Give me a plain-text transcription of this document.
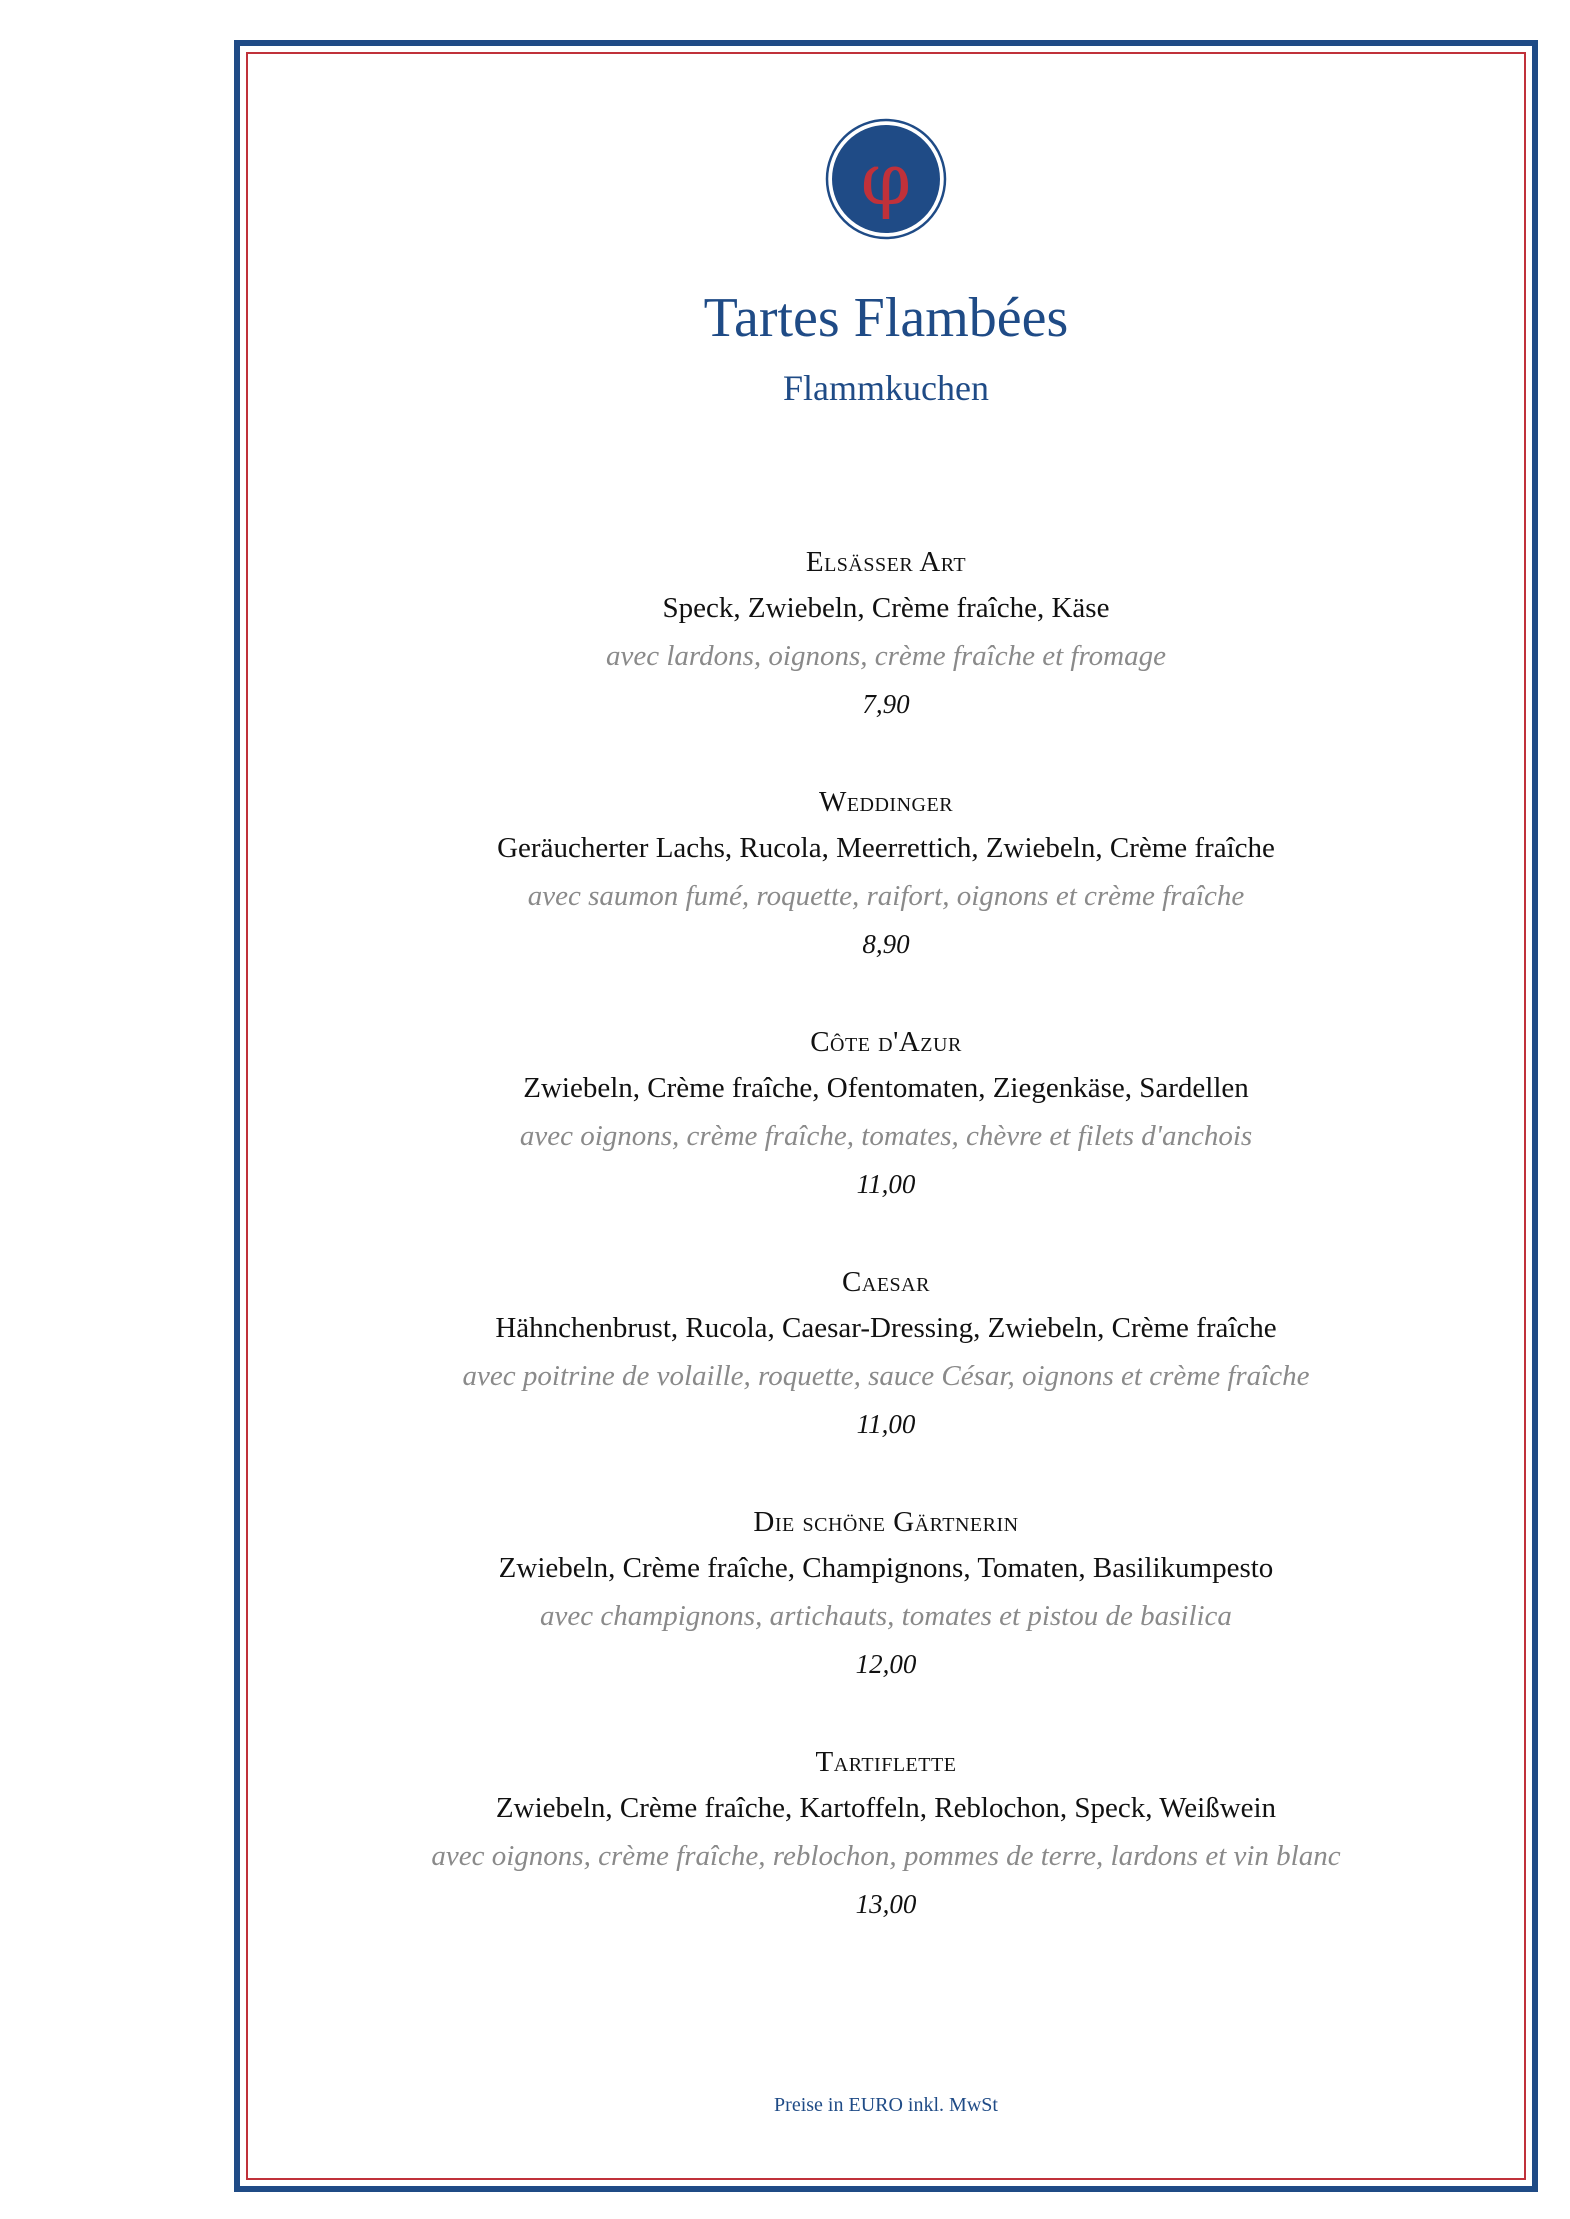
φ
Tartes Flambées
Flammkuchen
Elsässer Art
Speck, Zwiebeln, Crème fraîche, Käse
avec lardons, oignons, crème fraîche et fromage
7,90
Weddinger
Geräucherter Lachs, Rucola, Meerrettich, Zwiebeln, Crème fraîche
avec saumon fumé, roquette, raifort, oignons et crème fraîche
8,90
Côte d'Azur
Zwiebeln, Crème fraîche, Ofentomaten, Ziegenkäse, Sardellen
avec oignons, crème fraîche, tomates, chèvre et filets d'anchois
11,00
Caesar
Hähnchenbrust, Rucola, Caesar-Dressing, Zwiebeln, Crème fraîche
avec poitrine de volaille, roquette, sauce César, oignons et crème fraîche
11,00
Die schöne Gärtnerin
Zwiebeln, Crème fraîche, Champignons, Tomaten, Basilikumpesto
avec champignons, artichauts, tomates et pistou de basilica
12,00
Tartiflette
Zwiebeln, Crème fraîche, Kartoffeln, Reblochon, Speck, Weißwein
avec oignons, crème fraîche, reblochon, pommes de terre, lardons et vin blanc
13,00
Preise in EURO inkl. MwSt
